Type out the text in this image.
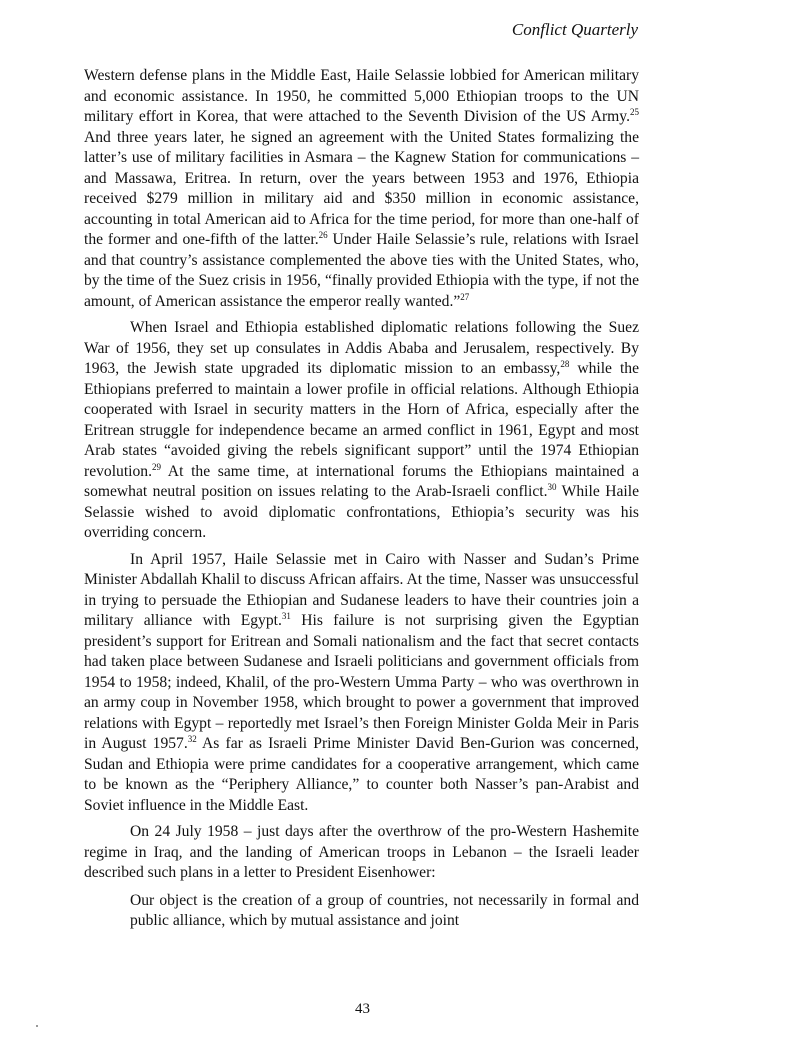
Conflict Quarterly

Western defense plans in the Middle East, Haile Selassie lobbied for American military and economic assistance. In 1950, he committed 5,000 Ethiopian troops to the UN military effort in Korea, that were attached to the Seventh Division of the US Army.$^{25}$ And three years later, he signed an agreement with the United States formalizing the latter’s use of military facilities in Asmara – the Kagnew Station for communications – and Massawa, Eritrea. In return, over the years between 1953 and 1976, Ethiopia received $279 million in military aid and $350 million in economic assistance, accounting in total American aid to Africa for the time period, for more than one-half of the former and one-fifth of the latter.$^{26}$ Under Haile Selassie’s rule, relations with Israel and that country’s assistance complemented the above ties with the United States, who, by the time of the Suez crisis in 1956, “finally provided Ethiopia with the type, if not the amount, of American assistance the emperor really wanted.”$^{27}$

When Israel and Ethiopia established diplomatic relations following the Suez War of 1956, they set up consulates in Addis Ababa and Jerusalem, respectively. By 1963, the Jewish state upgraded its diplomatic mission to an embassy,$^{28}$ while the Ethiopians preferred to maintain a lower profile in official relations. Although Ethiopia cooperated with Israel in security matters in the Horn of Africa, especially after the Eritrean struggle for independence became an armed conflict in 1961, Egypt and most Arab states “avoided giving the rebels significant support” until the 1974 Ethiopian revolution.$^{29}$ At the same time, at international forums the Ethiopians maintained a somewhat neutral position on issues relating to the Arab-Israeli conflict.$^{30}$ While Haile Selassie wished to avoid diplomatic confrontations, Ethiopia’s security was his overriding concern.

In April 1957, Haile Selassie met in Cairo with Nasser and Sudan’s Prime Minister Abdallah Khalil to discuss African affairs. At the time, Nasser was unsuccessful in trying to persuade the Ethiopian and Sudanese leaders to have their countries join a military alliance with Egypt.$^{31}$ His failure is not surprising given the Egyptian president’s support for Eritrean and Somali nationalism and the fact that secret contacts had taken place between Sudanese and Israeli politicians and government officials from 1954 to 1958; indeed, Khalil, of the pro-Western Umma Party – who was overthrown in an army coup in November 1958, which brought to power a government that improved relations with Egypt – reportedly met Israel’s then Foreign Minister Golda Meir in Paris in August 1957.32 As far as Israeli Prime Minister David Ben-Gurion was concerned, Sudan and Ethiopia were prime candidates for a cooperative arrangement, which came to be known as the “Periphery Alliance,” to counter both Nasser’s pan-Arabist and Soviet influence in the Middle East.

On 24 July 1958 – just days after the overthrow of the pro-Western Hashemite regime in Iraq, and the landing of American troops in Lebanon – the Israeli leader described such plans in a letter to President Eisenhower:

Our object is the creation of a group of countries, not necessarily in formal and public alliance, which by mutual assistance and joint

43
